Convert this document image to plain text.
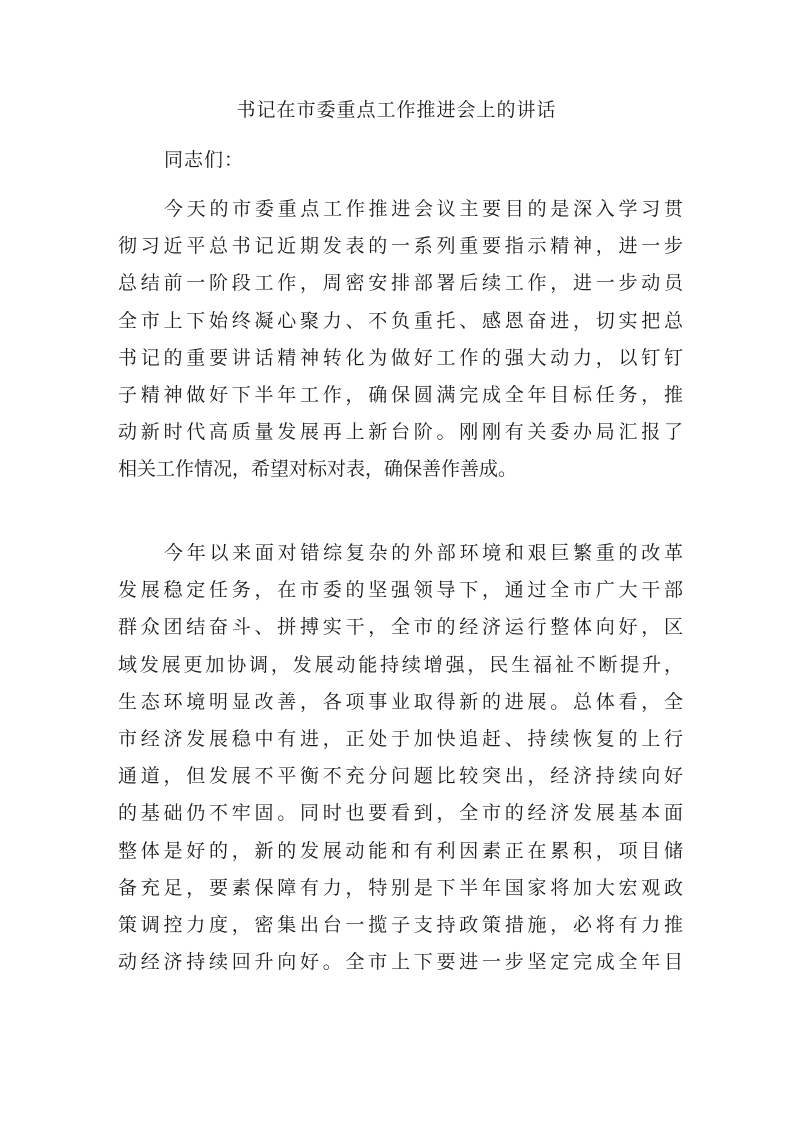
书记在市委重点工作推进会上的讲话
同志们：
今天的市委重点工作推进会议主要目的是深入学习贯
彻习近平总书记近期发表的一系列重要指示精神，进一步
总结前一阶段工作，周密安排部署后续工作，进一步动员
全市上下始终凝心聚力、不负重托、感恩奋进，切实把总
书记的重要讲话精神转化为做好工作的强大动力，以钉钉
子精神做好下半年工作，确保圆满完成全年目标任务，推
动新时代高质量发展再上新台阶。刚刚有关委办局汇报了
相关工作情况，希望对标对表，确保善作善成。
今年以来面对错综复杂的外部环境和艰巨繁重的改革
发展稳定任务，在市委的坚强领导下，通过全市广大干部
群众团结奋斗、拼搏实干，全市的经济运行整体向好，区
域发展更加协调，发展动能持续增强，民生福祉不断提升，
生态环境明显改善，各项事业取得新的进展。总体看，全
市经济发展稳中有进，正处于加快追赶、持续恢复的上行
通道，但发展不平衡不充分问题比较突出，经济持续向好
的基础仍不牢固。同时也要看到，全市的经济发展基本面
整体是好的，新的发展动能和有利因素正在累积，项目储
备充足，要素保障有力，特别是下半年国家将加大宏观政
策调控力度，密集出台一揽子支持政策措施，必将有力推
动经济持续回升向好。全市上下要进一步坚定完成全年目
